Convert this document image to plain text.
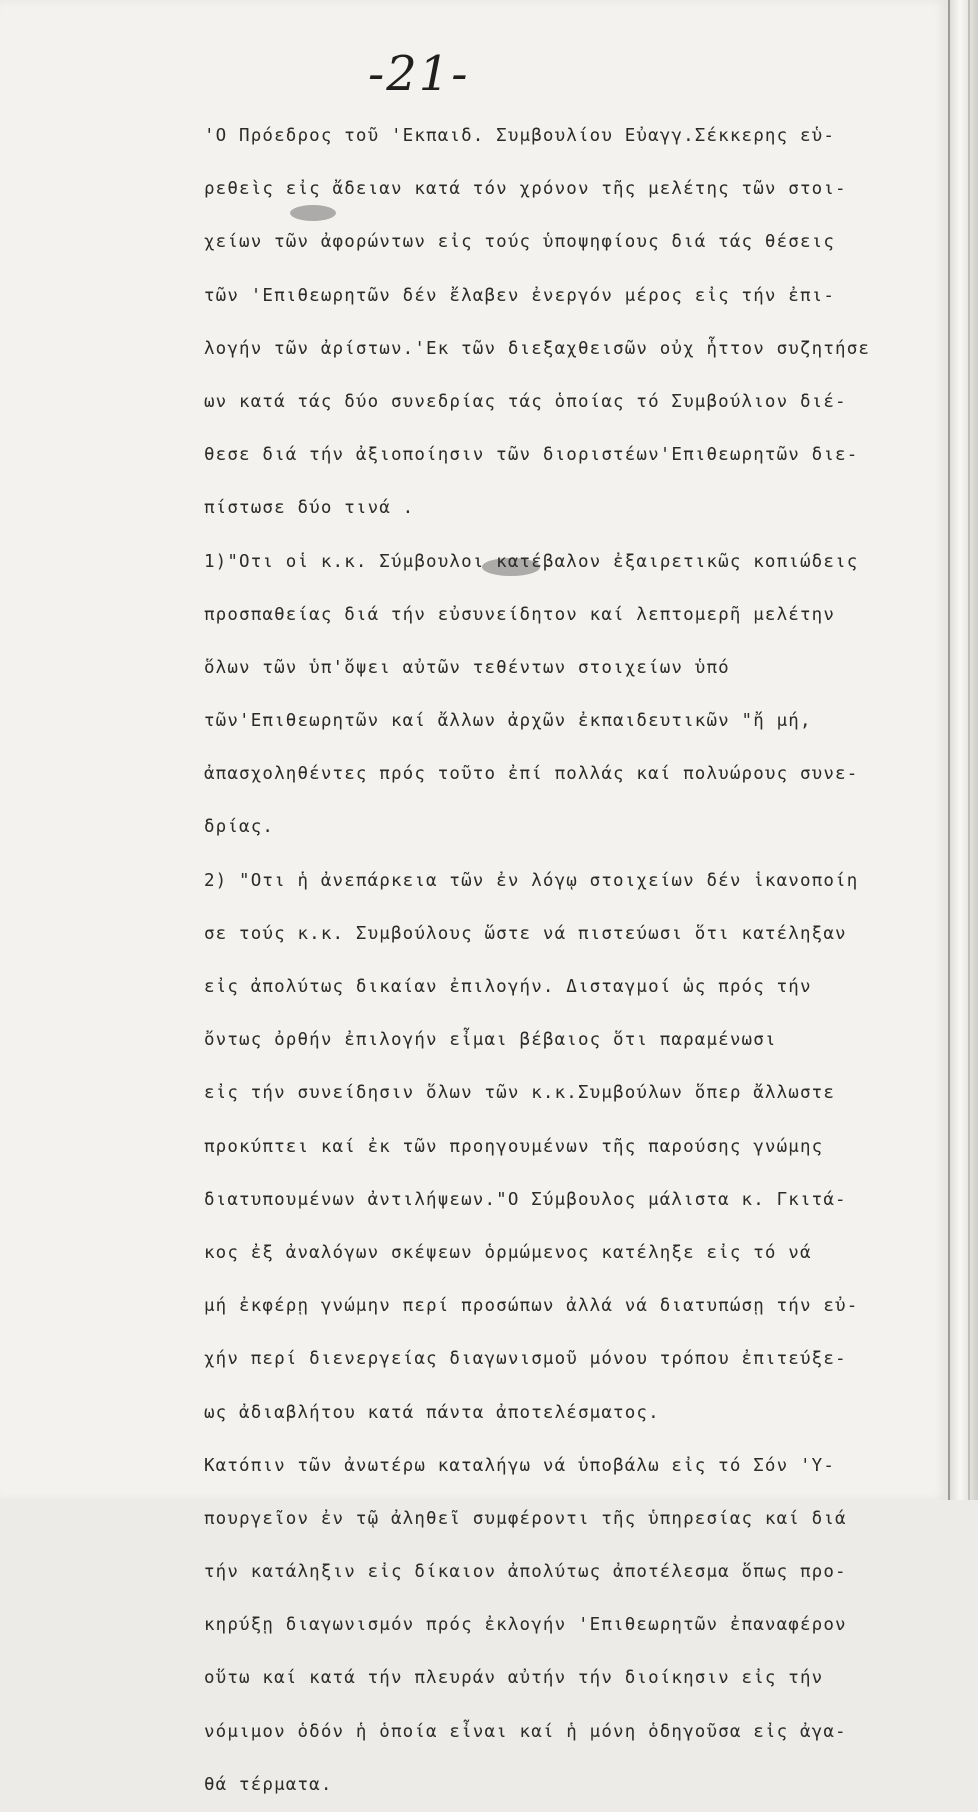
-21-
'Ο Πρόεδρος τοῦ 'Εκπαιδ. Συμβουλίου Εὐαγγ.Σέκκερης εὑ-
ρεθεὶς εἰς ἄδειαν κατά τόν χρόνον τῆς μελέτης τῶν στοι-
χείων τῶν ἀφορώντων εἰς τούς ὑποψηφίους διά τάς θέσεις
τῶν 'Επιθεωρητῶν δέν ἔλαβεν ἐνεργόν μέρος εἰς τήν ἐπι-
λογήν τῶν ἀρίστων.'Εκ τῶν διεξαχθεισῶν οὐχ ἧττον συζητήσε
ων κατά τάς δύο συνεδρίας τάς ὁποίας τό Συμβούλιον διέ-
θεσε διά τήν ἀξιοποίησιν τῶν διοριστέων'Επιθεωρητῶν διε-
πίστωσε δύο τινά .
1)"Οτι οἱ κ.κ. Σύμβουλοι κατέβαλον ἐξαιρετικῶς κοπιώδεις
προσπαθείας διά τήν εὐσυνείδητον καί λεπτομερῆ μελέτην
ὅλων τῶν ὑπ'ὄψει αὐτῶν τεθέντων στοιχείων ὑπό
τῶν'Επιθεωρητῶν καί ἄλλων ἀρχῶν ἐκπαιδευτικῶν "ἤ μή,
ἀπασχοληθέντες πρός τοῦτο ἐπί πολλάς καί πολυώρους συνε-
δρίας.
2) "Οτι ἡ ἀνεπάρκεια τῶν ἐν λόγῳ στοιχείων δέν ἱκανοποίη
σε τούς κ.κ. Συμβούλους ὥστε νά πιστεύωσι ὅτι κατέληξαν
εἰς ἀπολύτως δικαίαν ἐπιλογήν. Δισταγμοί ὡς πρός τήν
ὄντως ὀρθήν ἐπιλογήν εἶμαι βέβαιος ὅτι παραμένωσι
εἰς τήν συνείδησιν ὅλων τῶν κ.κ.Συμβούλων ὅπερ ἄλλωστε
προκύπτει καί ἐκ τῶν προηγουμένων τῆς παρούσης γνώμης
διατυπουμένων ἀντιλήψεων."Ο Σύμβουλος μάλιστα κ. Γκιτά-
κος ἐξ ἀναλόγων σκέψεων ὁρμώμενος κατέληξε εἰς τό νά
μή ἐκφέρῃ γνώμην περί προσώπων ἀλλά νά διατυπώσῃ τήν εὐ-
χήν περί διενεργείας διαγωνισμοῦ μόνου τρόπου ἐπιτεύξε-
ως ἀδιαβλήτου κατά πάντα ἀποτελέσματος.
Κατόπιν τῶν ἀνωτέρω καταλήγω νά ὑποβάλω εἰς τό Σόν 'Υ-
πουργεῖον ἐν τῷ ἀληθεῖ συμφέροντι τῆς ὑπηρεσίας καί διά
τήν κατάληξιν εἰς δίκαιον ἀπολύτως ἀποτέλεσμα ὅπως προ-
κηρύξῃ διαγωνισμόν πρός ἐκλογήν 'Επιθεωρητῶν ἐπαναφέρον
οὕτω καί κατά τήν πλευράν αὐτήν τήν διοίκησιν εἰς τήν
νόμιμον ὁδόν ἡ ὁποία εἶναι καί ἡ μόνη ὁδηγοῦσα εἰς ἀγα-
θά τέρματα.
